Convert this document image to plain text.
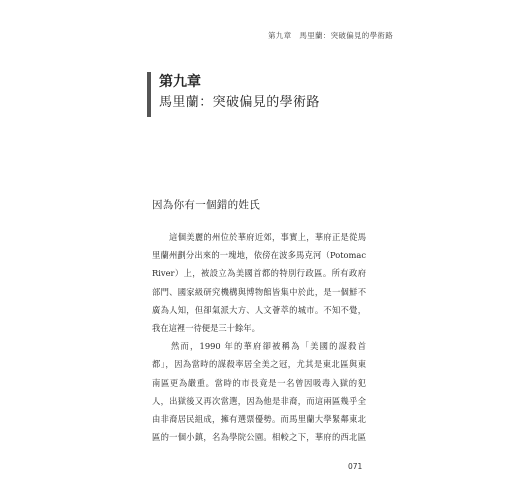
第九章 馬里蘭：突破偏見的學術路
第九章
馬里蘭：突破偏見的學術路
因為你有一個錯的姓氏
　　這個美麗的州位於華府近郊，事實上，華府正是從馬
里蘭州劃分出來的一塊地，依傍在波多馬克河（Potomac
River）上，被設立為美國首都的特別行政區。所有政府
部門、國家級研究機構與博物館皆集中於此，是一個鮮不
廣為人知，但卻氣派大方、人文薈萃的城市。不知不覺，
我在這裡一待便是三十餘年。
　　然而，1990 年的華府卻被稱為「美國的謀殺首
都」，因為當時的謀殺率居全美之冠，尤其是東北區與東
南區更為嚴重。當時的市長竟是一名曾因吸毒入獄的犯
人，出獄後又再次當選，因為他是非裔，而這兩區幾乎全
由非裔居民組成，擁有選票優勢。而馬里蘭大學緊鄰東北
區的一個小鎮，名為學院公園。相較之下，華府的西北區
071
